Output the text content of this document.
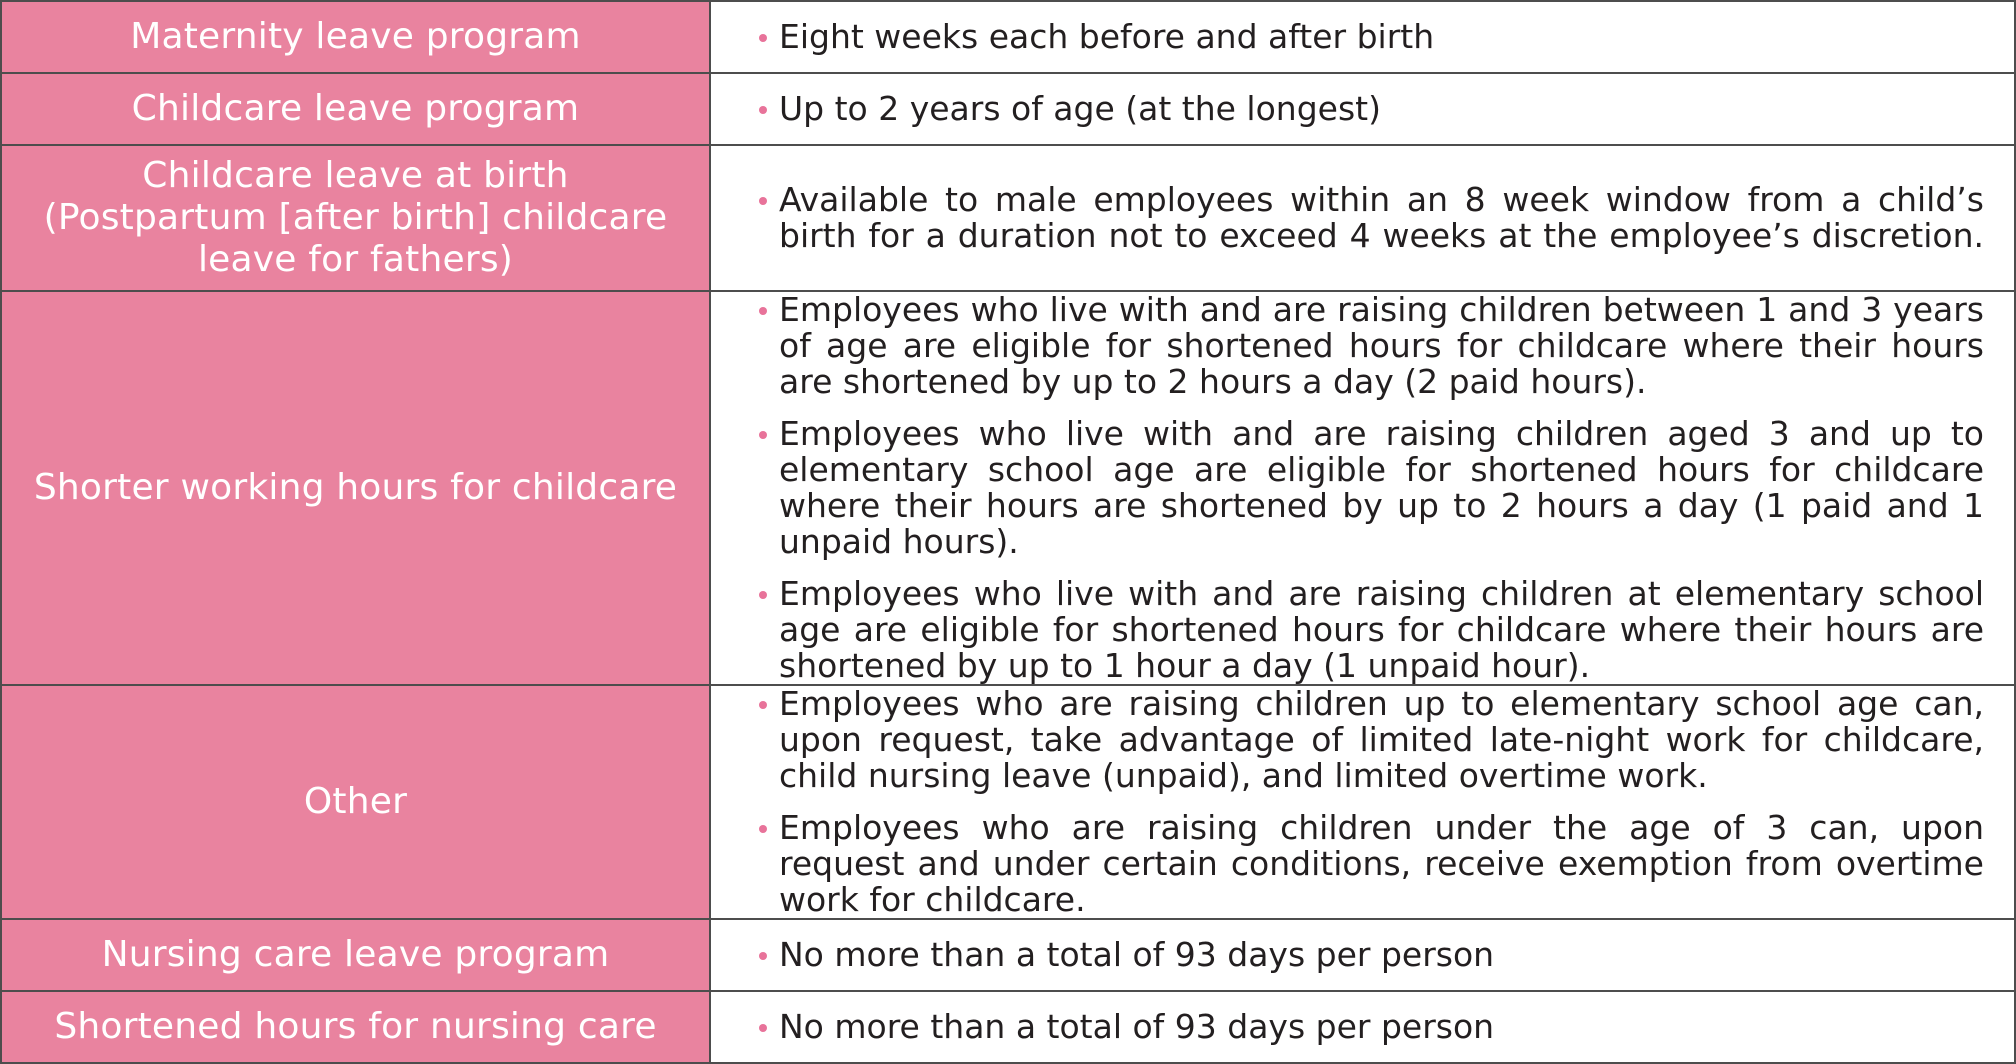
Maternity leave program	Eight weeks each before and after birth

Childcare leave program	Up to 2 years of age (at the longest)

Childcare leave at birth
(Postpartum [after birth] childcare
leave for fathers)	Available to male employees within an 8 week window from a child’s birth for a duration not to exceed 4 weeks at the employee’s discretion.

Shorter working hours for childcare	Employees who live with and are raising children between 1 and 3 years of age are eligible for shortened hours for childcare where their hours are shortened by up to 2 hours a day (2 paid hours).
Employees who live with and are raising children aged 3 and up to elementary school age are eligible for shortened hours for childcare where their hours are shortened by up to 2 hours a day (1 paid and 1 unpaid hours).
Employees who live with and are raising children at elementary school age are eligible for shortened hours for childcare where their hours are shortened by up to 1 hour a day (1 unpaid hour).

Other	Employees who are raising children up to elementary school age can, upon request, take advantage of limited late-night work for childcare, child nursing leave (unpaid), and limited overtime work.
Employees who are raising children under the age of 3 can, upon request and under certain conditions, receive exemption from overtime work for childcare.

Nursing care leave program	No more than a total of 93 days per person

Shortened hours for nursing care	No more than a total of 93 days per person
